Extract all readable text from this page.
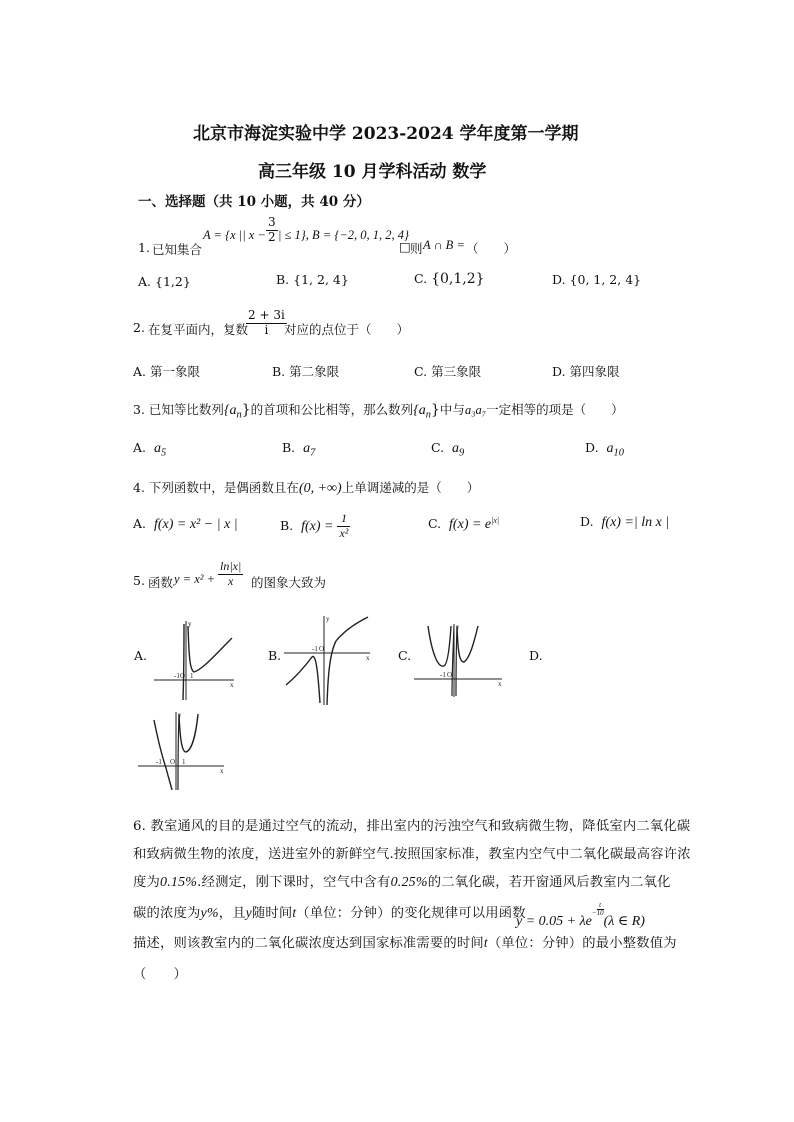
北京市海淀实验中学 2023-2024 学年度第一学期
高三年级 10 月学科活动 数学
一、选择题（共 10 小题，共 40 分）
1. 已知集合
A = {x || $x - \frac{3}{2}$ | ≤ 1}, B = {−2, 0, 1, 2, 4}
□ 则 A ∩ B = （　　）
A. {1,2}	B. {1, 2, 4}	C. {0,1,2}	D. {0, 1, 2, 4}
2. 在复平面内，复数
$\frac{2 + 3i}{i}$
对应的点位于（　　）
A. 第一象限	B. 第二象限	C. 第三象限	D. 第四象限
3. 已知等比数列$\{a_n\}$的首项和公比相等，那么数列$\{a_n\}$中与a₃a₇一定相等的项是（　　）
A. $a_5$	B. $a_7$	C. $a_9$	D. $a_{10}$
4. 下列函数中，是偶函数且在(0, +∞)上单调递减的是（　　）
A. f(x) = x² − | x |	B. $f(x) = \frac{1}{\text{x²}}$	C. $f(x) = e^{|x|}$	D. f(x) =| ln x |
5. 函数 $y = x^2 + \frac{\ln|x|}{x}$ 的图象大致为
A.	B.	C.	D.
y
x
-1 O 1
y
x
-1 O
y
x
-1 O
y
x
-1 O 1
6. 教室通风的目的是通过空气的流动，排出室内的污浊空气和致病微生物，降低室内二氧化碳
和致病微生物的浓度，送进室外的新鲜空气.按照国家标准，教室内空气中二氧化碳最高容许浓
度为0.15%.经测定，刚下课时，空气中含有0.25%的二氧化碳，若开窗通风后教室内二氧化
碳的浓度为y%，且y随时间t（单位：分钟）的变化规律可以用函数
$y = 0.05 + \lambda e- \frac{t}{10}$
(λ ∈ R)
描述，则该教室内的二氧化碳浓度达到国家标准需要的时间t（单位：分钟）的最小整数值为
（　　）
